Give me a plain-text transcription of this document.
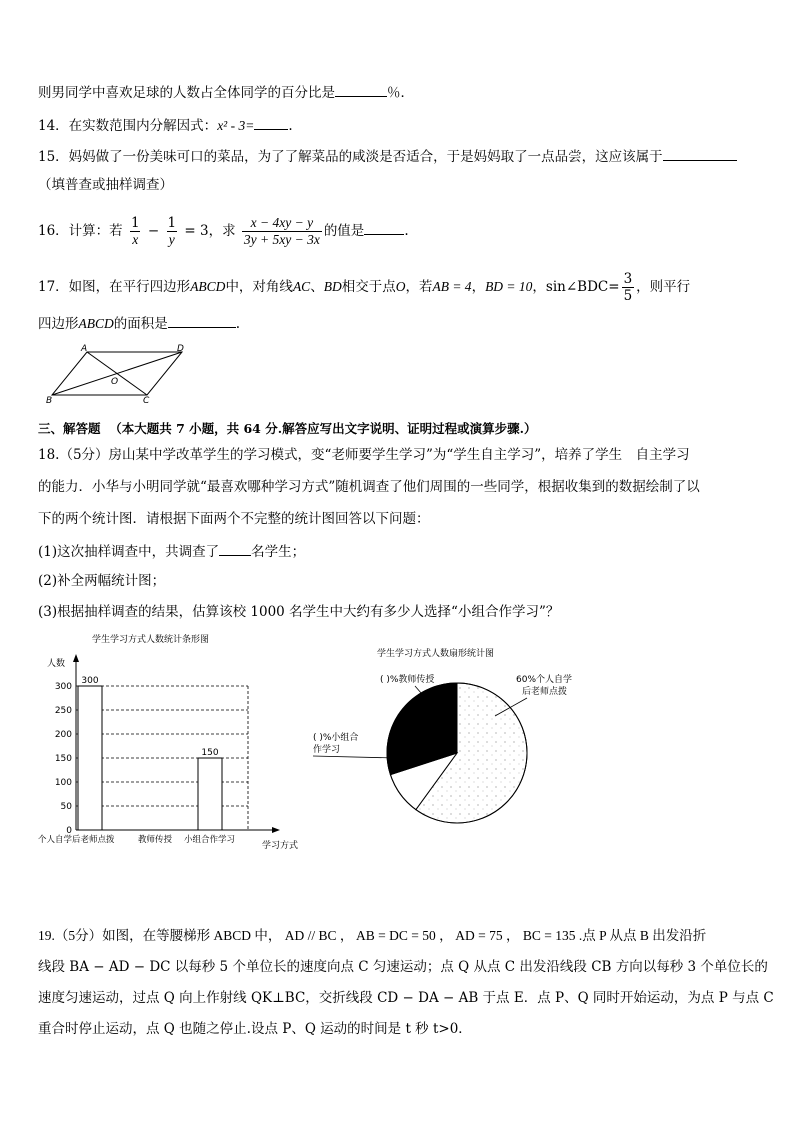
则男同学中喜欢足球的人数占全体同学的百分比是	％．
14．在实数范围内分解因式：x² - 3=	.
15．妈妈做了一份美味可口的菜品，为了了解菜品的咸淡是否适合，于是妈妈取了一点品尝，这应该属于
（填普查或抽样调查）
16．计算：若 $\frac{1}{x} - \frac{1}{y} = 3$，求 $\frac{x - 4xy - y}{3y + 5xy - 3x}$ 的值是	.
17．如图，在平行四边形ABCD中，对角线AC、BD相交于点O，若AB = 4，BD = 10，sin∠BDC= $\frac{3}{5}$ ，则平行
四边形ABCD的面积是	.
A	D
O
B	C
三、解答题 （本大题共 7 小题，共 64 分.解答应写出文字说明、证明过程或演算步骤.）
18.（5分）房山某中学改革学生的学习模式，变“老师要学生学习”为“学生自主学习”，培养了学生　自主学习
的能力．小华与小明同学就“最喜欢哪种学习方式”随机调查了他们周围的一些同学，根据收集到的数据绘制了以
下的两个统计图．请根据下面两个不完整的统计图回答以下问题：
(1)这次抽样调查中，共调查了 名学生；
(2)补全两幅统计图；
(3)根据抽样调查的结果，估算该校 1000 名学生中大约有多少人选择“小组合作学习”？
学生学习方式人数统计条形图
人数
0
50
100
150
200
250
300
300
150
个人自学后老师点拨	教师传授 小组合作学习
学习方式
学生学习方式人数扇形统计图
60%个人自学
后老师点拨
( )%教师传授
( )%小组合
作学习
19.（5分）如图，在等腰梯形 ABCD 中， AD // BC ， AB = DC = 50 ， AD = 75 ， BC = 135 .点 P 从点 B 出发沿折
线段 BA − AD − DC 以每秒 5 个单位长的速度向点 C 匀速运动；点 Q 从点 C 出发沿线段 CB 方向以每秒 3 个单位长的
速度匀速运动，过点 Q 向上作射线 QK⊥BC，交折线段 CD − DA − AB 于点 E．点 P、Q 同时开始运动，为点 P 与点 C
重合时停止运动，点 Q 也随之停止.设点 P、Q 运动的时间是 t 秒 t>0．
